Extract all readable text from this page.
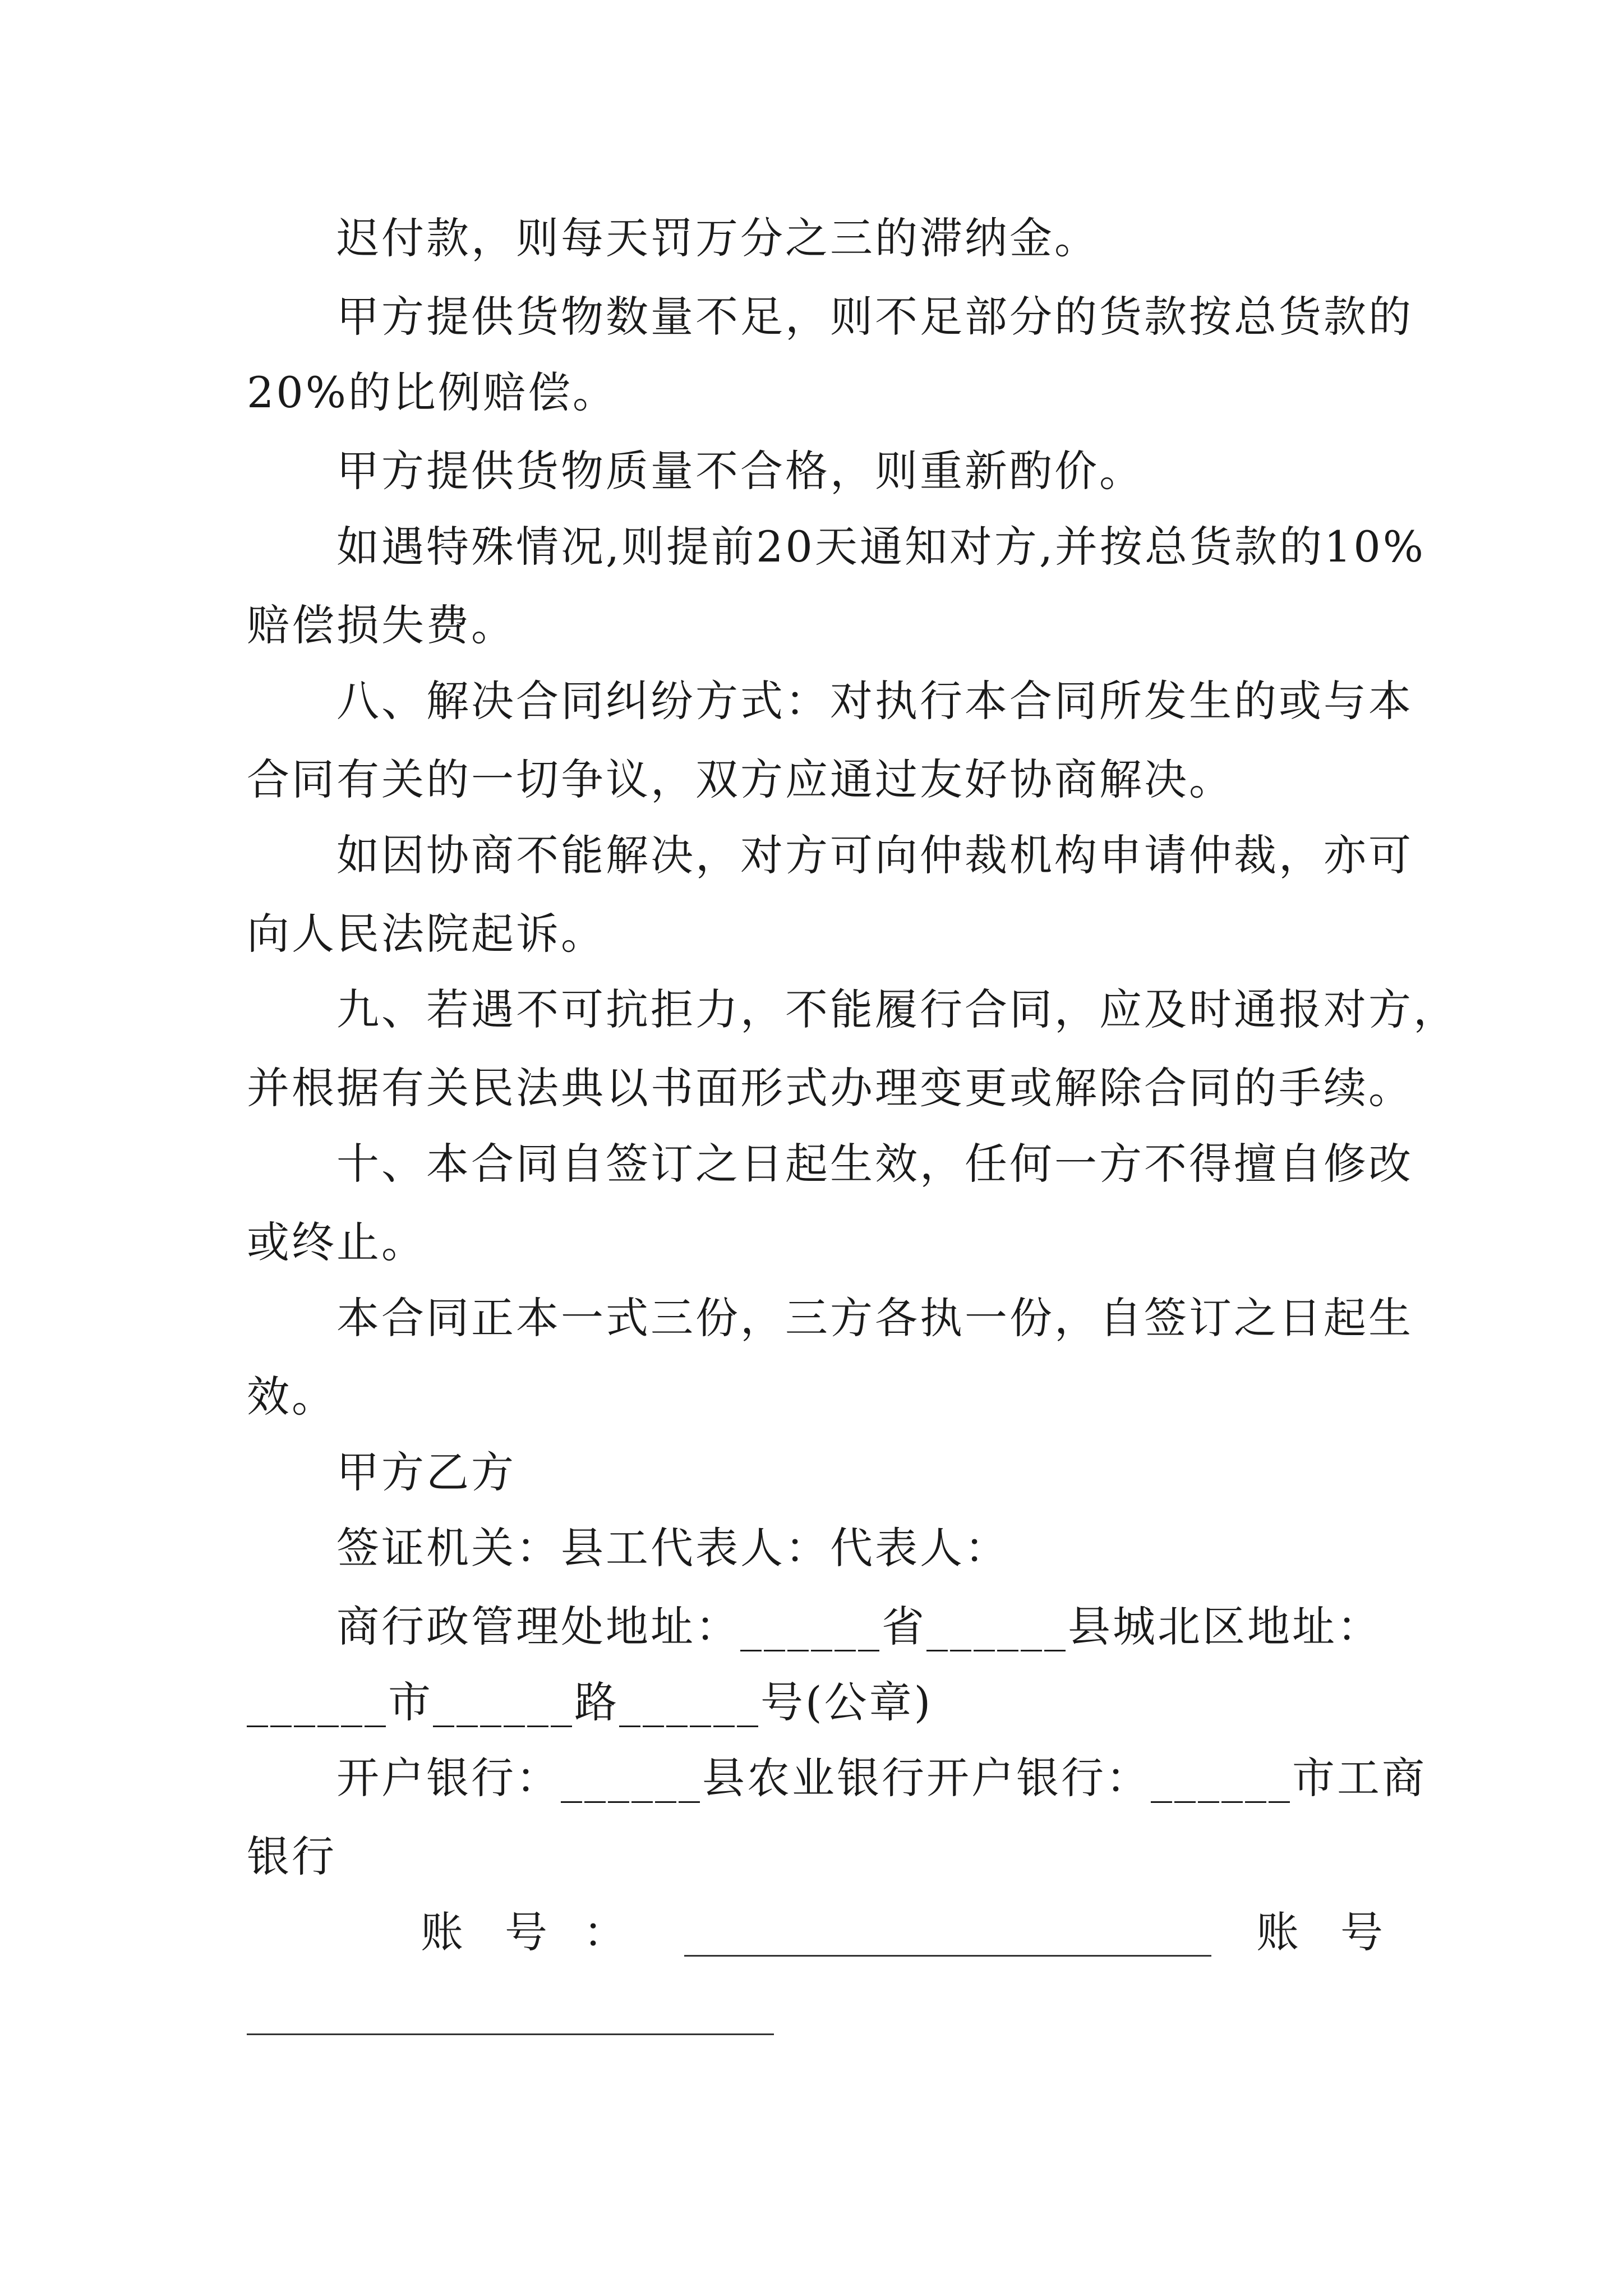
迟付款，则每天罚万分之三的滞纳金。
甲方提供货物数量不足，则不足部分的货款按总货款的
20%的比例赔偿。
甲方提供货物质量不合格，则重新酌价。
如遇特殊情况,则提前20天通知对方,并按总货款的10%
赔偿损失费。
八、解决合同纠纷方式：对执行本合同所发生的或与本
合同有关的一切争议，双方应通过友好协商解决。
如因协商不能解决，对方可向仲裁机构申请仲裁，亦可
向人民法院起诉。
九、若遇不可抗拒力，不能履行合同，应及时通报对方，
并根据有关民法典以书面形式办理变更或解除合同的手续。
十、本合同自签订之日起生效，任何一方不得擅自修改
或终止。
本合同正本一式三份，三方各执一份，自签订之日起生
效。
甲方乙方
签证机关：县工代表人：代表人：
商行政管理处地址：______省______县城北区地址：
______市______路______号(公章)
开户银行：______县农业银行开户银行：______市工商
银行
账 号 ：	账 号
